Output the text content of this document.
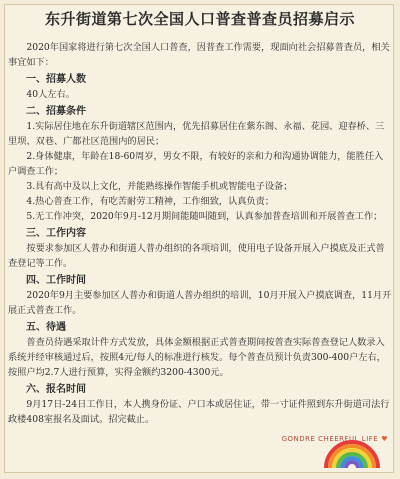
东升街道第七次全国人口普查普查员招募启示

2020年国家将进行第七次全国人口普查，因普查工作需要，现面向社会招募普查员，相关事宜如下：

一、招募人数

40人左右。

二、招募条件

1.实际居住地在东升街道辖区范围内，优先招募居住在紫东阁、永福、花园、迎春桥、三里坝、双巷、广都社区范围内的居民；

2.身体健康，年龄在18-60周岁，男女不限，有较好的亲和力和沟通协调能力，能胜任入户调查工作；

3.具有高中及以上文化，并能熟练操作智能手机或智能电子设备；

4.热心普查工作，有吃苦耐劳工精神，工作细致，认真负责；

5.无工作冲突，2020年9月-12月期间能随叫随到，认真参加普查培训和开展普查工作；

三、工作内容

按要求参加区人普办和街道人普办组织的各项培训，使用电子设备开展入户摸底及正式普查登记等工作。

四、工作时间

2020年9月主要参加区人普办和街道人普办组织的培训，10月开展入户摸底调查，11月开展正式普查工作。

五、待遇

普查员待遇采取计件方式发放，具体金额根据正式普查期间按普查实际普查登记人数录入系统并经审核通过后，按照4元/每人的标准进行核发。每个普查员预计负责300-400户左右，按照户均2.7人进行预算，实得金额约3200-4300元。

六、报名时间

9月17日-24日工作日，本人携身份证、户口本或居住证，带一寸证件照到东升街道司法行政楼408室报名及面试。招完截止。

GONDRE CHEERFUL LIFE ♥
